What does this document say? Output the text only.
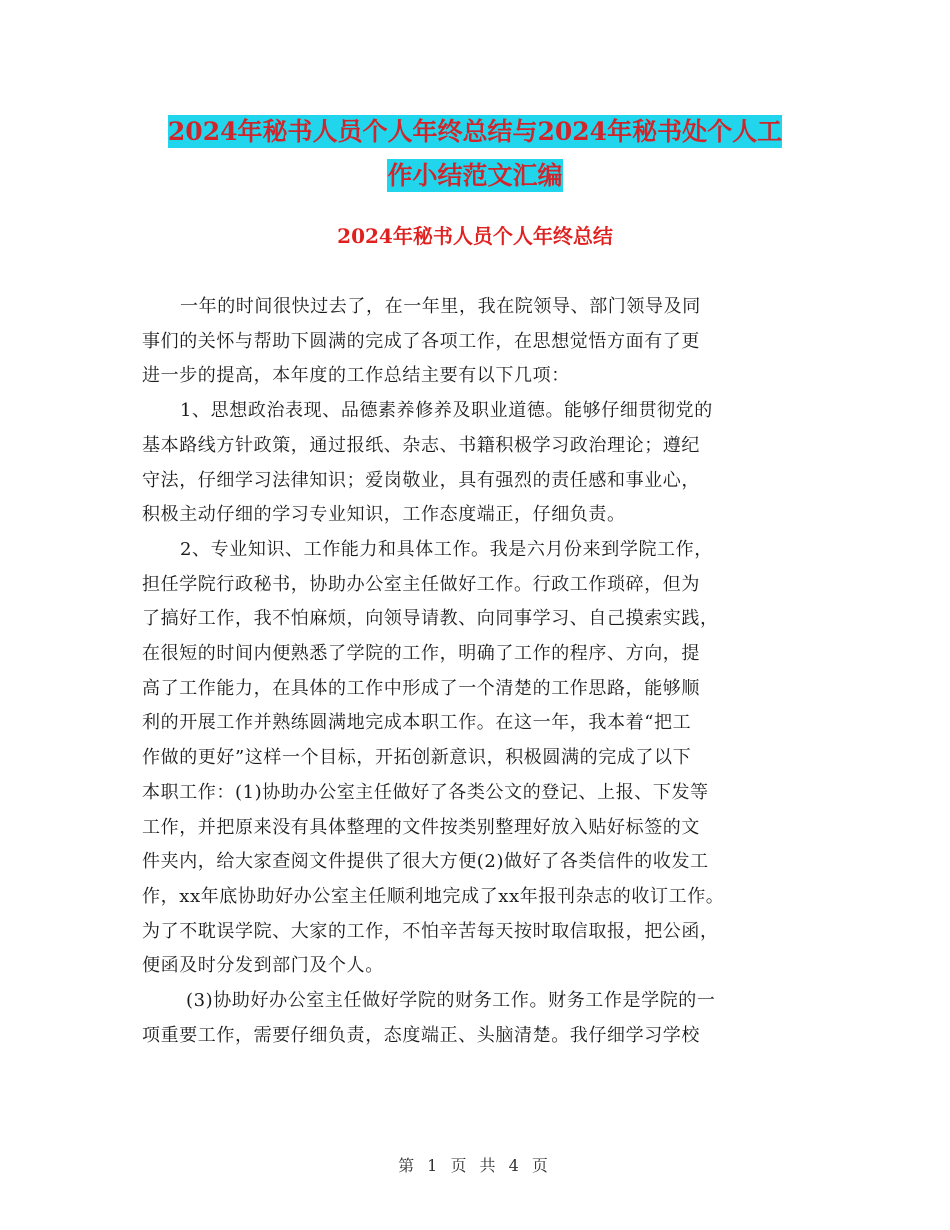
2024年秘书人员个人年终总结与2024年秘书处个人工
作小结范文汇编
2024年秘书人员个人年终总结
一年的时间很快过去了，在一年里，我在院领导、部门领导及同
事们的关怀与帮助下圆满的完成了各项工作，在思想觉悟方面有了更
进一步的提高，本年度的工作总结主要有以下几项：
1、思想政治表现、品德素养修养及职业道德。能够仔细贯彻党的
基本路线方针政策，通过报纸、杂志、书籍积极学习政治理论；遵纪
守法，仔细学习法律知识；爱岗敬业，具有强烈的责任感和事业心，
积极主动仔细的学习专业知识，工作态度端正，仔细负责。
2、专业知识、工作能力和具体工作。我是六月份来到学院工作，
担任学院行政秘书，协助办公室主任做好工作。行政工作琐碎，但为
了搞好工作，我不怕麻烦，向领导请教、向同事学习、自己摸索实践，
在很短的时间内便熟悉了学院的工作，明确了工作的程序、方向，提
高了工作能力，在具体的工作中形成了一个清楚的工作思路，能够顺
利的开展工作并熟练圆满地完成本职工作。在这一年，我本着“把工
作做的更好”这样一个目标，开拓创新意识，积极圆满的完成了以下
本职工作：(1)协助办公室主任做好了各类公文的登记、上报、下发等
工作，并把原来没有具体整理的文件按类别整理好放入贴好标签的文
件夹内，给大家查阅文件提供了很大方便(2)做好了各类信件的收发工
作，xx年底协助好办公室主任顺利地完成了xx年报刊杂志的收订工作。
为了不耽误学院、大家的工作，不怕辛苦每天按时取信取报，把公函，
便函及时分发到部门及个人。
(3)协助好办公室主任做好学院的财务工作。财务工作是学院的一
项重要工作，需要仔细负责，态度端正、头脑清楚。我仔细学习学校
第 1 页 共 4 页
